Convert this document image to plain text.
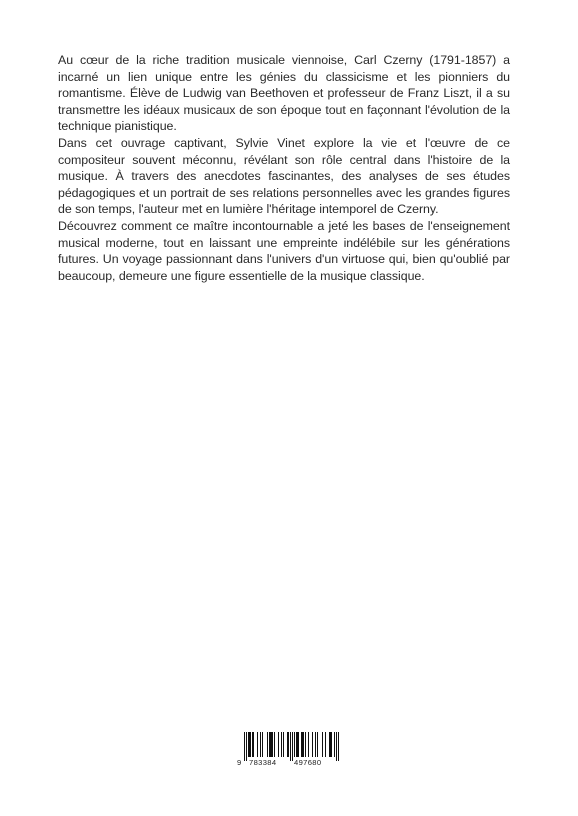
Au cœur de la riche tradition musicale viennoise, Carl Czerny (1791-1857) a incarné un lien unique entre les génies du classicisme et les pionniers du romantisme. Élève de Ludwig van Beethoven et professeur de Franz Liszt, il a su transmettre les idéaux musicaux de son époque tout en façonnant l'évolution de la technique pianistique.

Dans cet ouvrage captivant, Sylvie Vinet explore la vie et l'œuvre de ce compositeur souvent méconnu, révélant son rôle central dans l'histoire de la musique. À travers des anecdotes fascinantes, des analyses de ses études pédagogiques et un portrait de ses relations personnelles avec les grandes figures de son temps, l'auteur met en lumière l'héritage intemporel de Czerny.

Découvrez comment ce maître incontournable a jeté les bases de l'enseignement musical moderne, tout en laissant une empreinte indélébile sur les générations futures. Un voyage passionnant dans l'univers d'un virtuose qui, bien qu'oublié par beaucoup, demeure une figure essentielle de la musique classique.

9 783384 497680
